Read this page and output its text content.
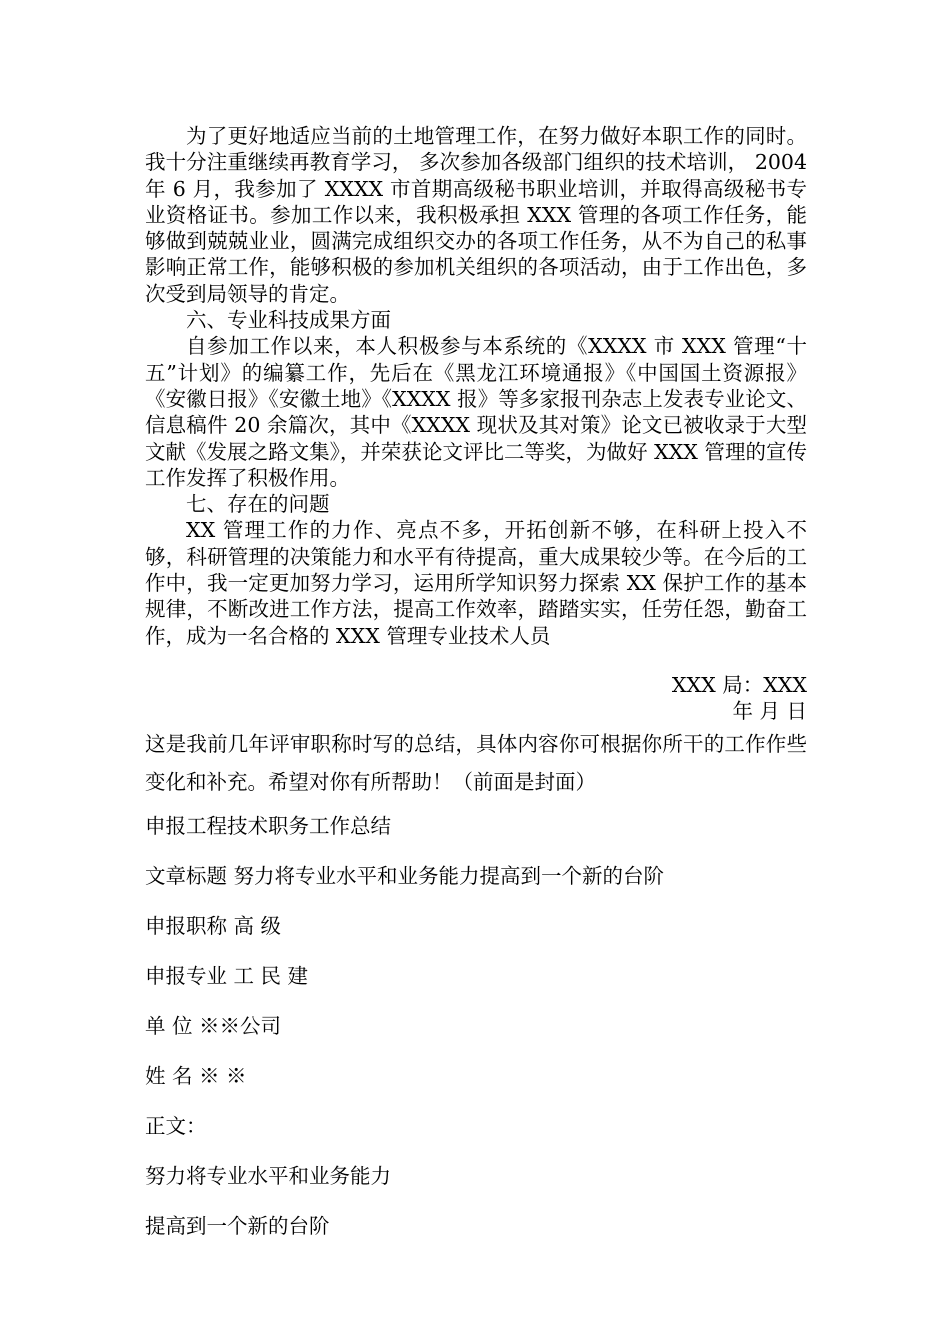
为了更好地适应当前的土地管理工作，在努力做好本职工作的同时。我十分注重继续再教育学习， 多次参加各级部门组织的技术培训， 2004 年 6 月，我参加了 XXXX 市首期高级秘书职业培训，并取得高级秘书专业资格证书。参加工作以来，我积极承担 XXX 管理的各项工作任务，能够做到兢兢业业，圆满完成组织交办的各项工作任务，从不为自己的私事影响正常工作，能够积极的参加机关组织的各项活动，由于工作出色，多次受到局领导的肯定。

六、专业科技成果方面

自参加工作以来，本人积极参与本系统的《XXXX 市 XXX 管理“十五”计划》的编纂工作，先后在《黑龙江环境通报》《中国国土资源报》《安徽日报》《安徽土地》《XXXX 报》等多家报刊杂志上发表专业论文、信息稿件 20 余篇次，其中《XXXX 现状及其对策》论文已被收录于大型文献《发展之路文集》，并荣获论文评比二等奖，为做好 XXX 管理的宣传工作发挥了积极作用。

七、存在的问题

XX 管理工作的力作、亮点不多，开拓创新不够，在科研上投入不够，科研管理的决策能力和水平有待提高，重大成果较少等。在今后的工作中，我一定更加努力学习，运用所学知识努力探索 XX 保护工作的基本规律，不断改进工作方法，提高工作效率，踏踏实实，任劳任怨，勤奋工作，成为一名合格的 XXX 管理专业技术人员

XXX 局：XXX

年 月 日

这是我前几年评审职称时写的总结，具体内容你可根据你所干的工作作些变化和补充。希望对你有所帮助！（前面是封面）

申报工程技术职务工作总结

文章标题 努力将专业水平和业务能力提高到一个新的台阶

申报职称 高 级

申报专业 工 民 建

单 位 ※※公司

姓 名 ※ ※

正文：

努力将专业水平和业务能力

提高到一个新的台阶
